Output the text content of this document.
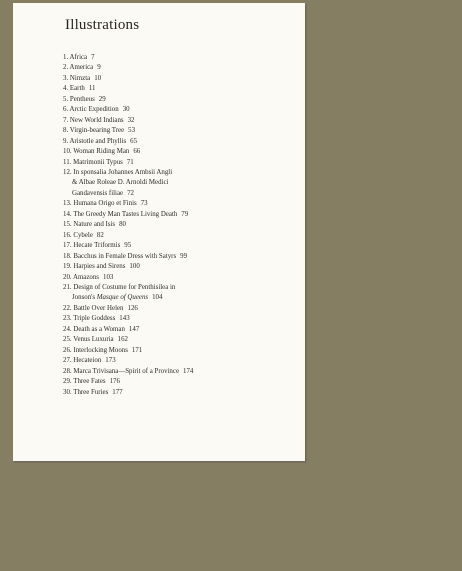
Illustrations
1. Africa 7
2. America 9
3. Nimzta 10
4. Earth 11
5. Pentheus 29
6. Arctic Expedition 30
7. New World Indians 32
8. Virgin-bearing Tree 53
9. Aristotle and Phyllis 65
10. Woman Riding Man 66
11. Matrimonii Typus 71
12. In sponsalia Johannes Ambsii Angli
& Albae Roleae D. Arnoldi Medici
Gandavensis filiae 72
13. Humana Origo et Finis 73
14. The Greedy Man Tastes Living Death 79
15. Nature and Isis 80
16. Cybele 82
17. Hecate Triformis 95
18. Bacchus in Female Dress with Satyrs 99
19. Harpies and Sirens 100
20. Amazons 103
21. Design of Costume for Penthisilea in
Jonson's Masque of Queens 104
22. Battle Over Helen 126
23. Triple Goddess 143
24. Death as a Woman 147
25. Venus Luxuria 162
26. Interlocking Moons 171
27. Hecateion 173
28. Marca Trivisana—Spirit of a Province 174
29. Three Fates 176
30. Three Furies 177
